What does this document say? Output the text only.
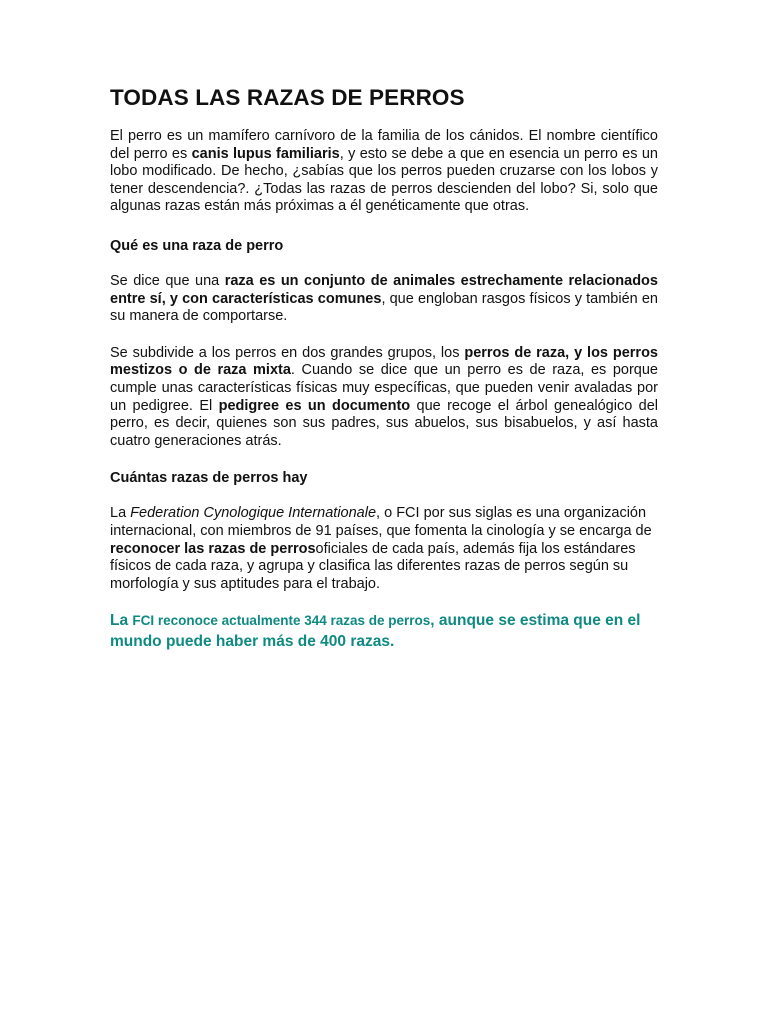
TODAS LAS RAZAS DE PERROS

El perro es un mamífero carnívoro de la familia de los cánidos. El nombre científico del perro es canis lupus familiaris, y esto se debe a que en esencia un perro es un lobo modificado. De hecho, ¿sabías que los perros pueden cruzarse con los lobos y tener descendencia?. ¿Todas las razas de perros descienden del lobo? Si, solo que algunas razas están más próximas a él genéticamente que otras.

Qué es una raza de perro

Se dice que una raza es un conjunto de animales estrechamente relacionados entre sí, y con características comunes, que engloban rasgos físicos y también en su manera de comportarse.

Se subdivide a los perros en dos grandes grupos, los perros de raza, y los perros mestizos o de raza mixta. Cuando se dice que un perro es de raza, es porque cumple unas características físicas muy específicas, que pueden venir avaladas por un pedigree. El pedigree es un documento que recoge el árbol genealógico del perro, es decir, quienes son sus padres, sus abuelos, sus bisabuelos, y así hasta cuatro generaciones atrás.

Cuántas razas de perros hay

La Federation Cynologique Internationale, o FCI por sus siglas es una organización internacional, con miembros de 91 países, que fomenta la cinología y se encarga de reconocer las razas de perrosoficiales de cada país, además fija los estándares físicos de cada raza, y agrupa y clasifica las diferentes razas de perros según su morfología y sus aptitudes para el trabajo.

La FCI reconoce actualmente 344 razas de perros, aunque se estima que en el mundo puede haber más de 400 razas.
